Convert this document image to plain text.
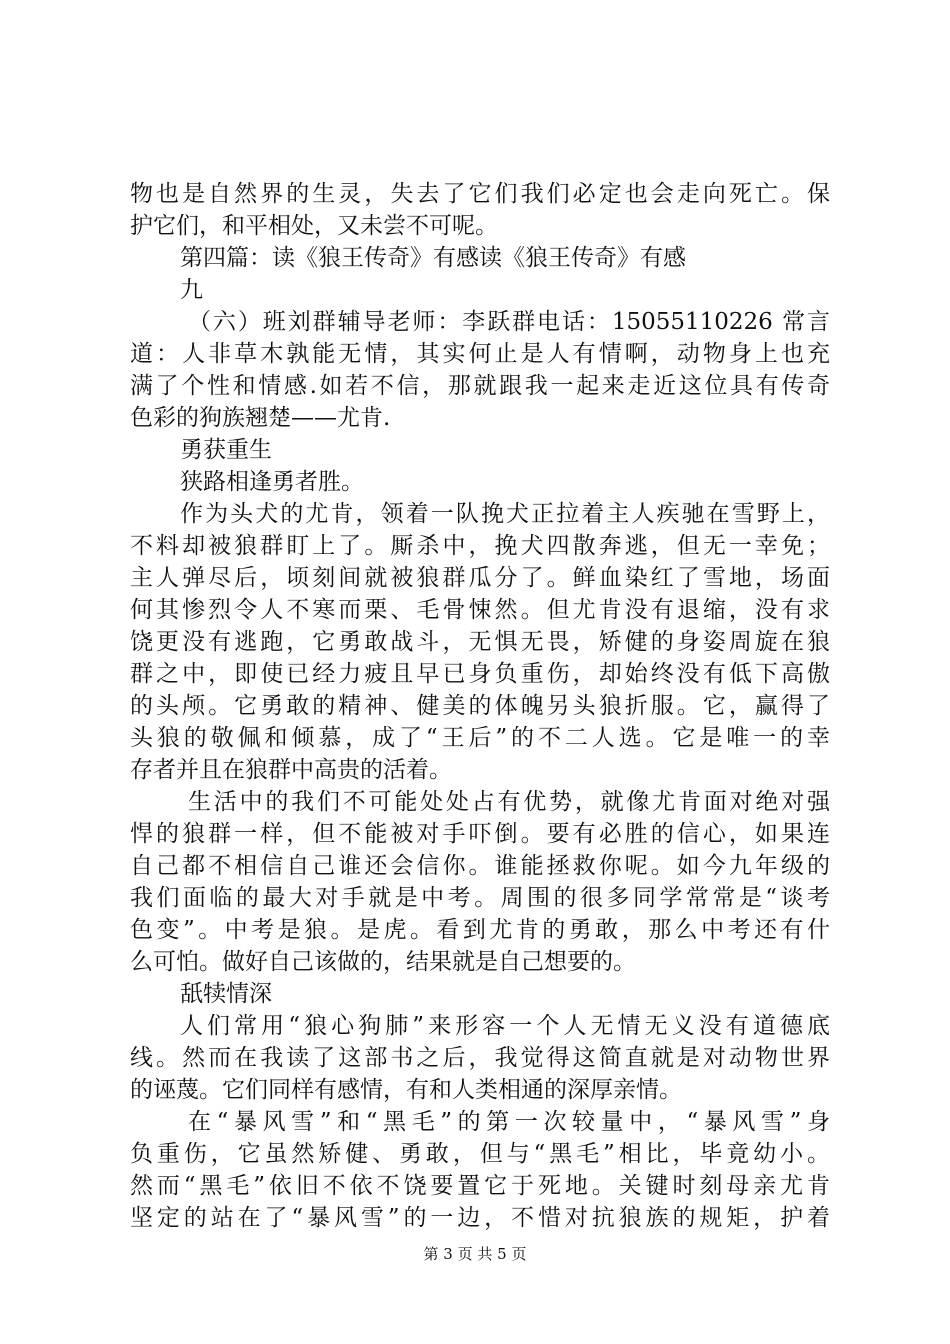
物也是自然界的生灵，失去了它们我们必定也会走向死亡。保
护它们，和平相处，又未尝不可呢。
第四篇：读《狼王传奇》有感读《狼王传奇》有感
九
（六）班刘群辅导老师：李跃群电话：15055110226 常言
道：人非草木孰能无情，其实何止是人有情啊，动物身上也充
满了个性和情感.如若不信，那就跟我一起来走近这位具有传奇
色彩的狗族翘楚——尤肯.
勇获重生
狭路相逢勇者胜。
作为头犬的尤肯，领着一队挽犬正拉着主人疾驰在雪野上，
不料却被狼群盯上了。厮杀中，挽犬四散奔逃，但无一幸免；
主人弹尽后，顷刻间就被狼群瓜分了。鲜血染红了雪地，场面
何其惨烈令人不寒而栗、毛骨悚然。但尤肯没有退缩，没有求
饶更没有逃跑，它勇敢战斗，无惧无畏，矫健的身姿周旋在狼
群之中，即使已经力疲且早已身负重伤，却始终没有低下高傲
的头颅。它勇敢的精神、健美的体魄另头狼折服。它，赢得了
头狼的敬佩和倾慕，成了“王后”的不二人选。它是唯一的幸
存者并且在狼群中高贵的活着。
生活中的我们不可能处处占有优势，就像尤肯面对绝对强
悍的狼群一样，但不能被对手吓倒。要有必胜的信心，如果连
自己都不相信自己谁还会信你。谁能拯救你呢。如今九年级的
我们面临的最大对手就是中考。周围的很多同学常常是“谈考
色变”。中考是狼。是虎。看到尤肯的勇敢，那么中考还有什
么可怕。做好自己该做的，结果就是自己想要的。
舐犊情深
人们常用“狼心狗肺”来形容一个人无情无义没有道德底
线。然而在我读了这部书之后，我觉得这简直就是对动物世界
的诬蔑。它们同样有感情，有和人类相通的深厚亲情。
在“暴风雪”和“黑毛”的第一次较量中，“暴风雪”身
负重伤，它虽然矫健、勇敢，但与“黑毛”相比，毕竟幼小。
然而“黑毛”依旧不依不饶要置它于死地。关键时刻母亲尤肯
坚定的站在了“暴风雪”的一边，不惜对抗狼族的规矩，护着
第 3 页 共 5 页
